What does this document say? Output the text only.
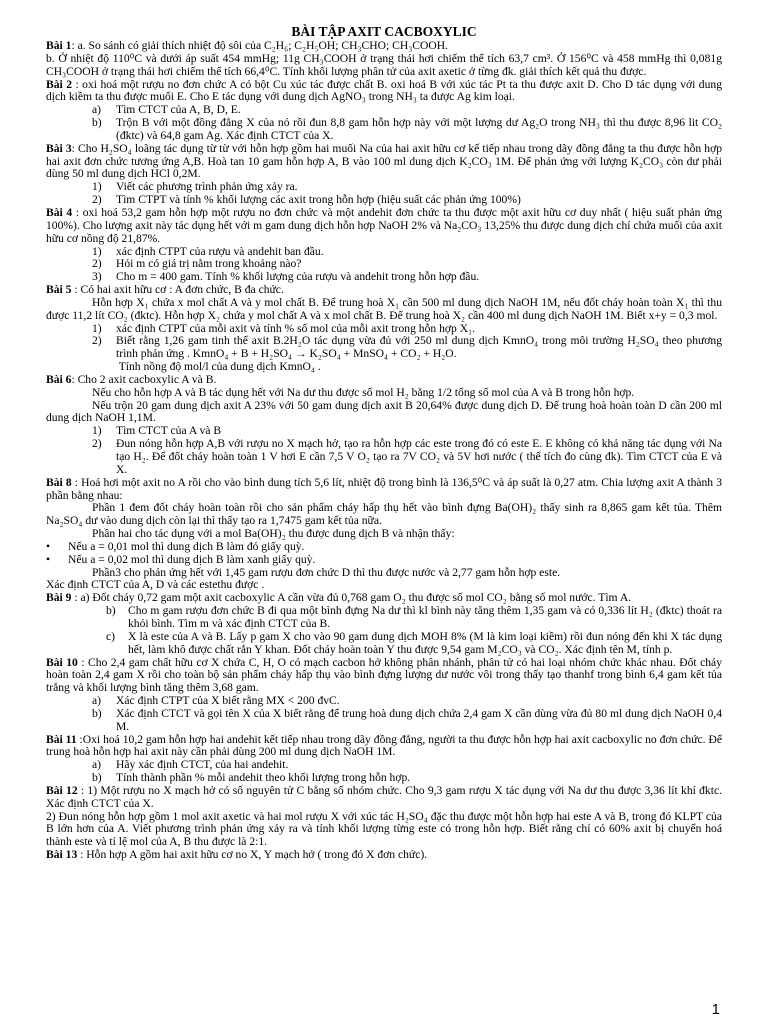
BÀI TẬP AXIT CACBOXYLIC
Bài 1: a. So sánh có giải thích nhiệt độ sôi của C₂H₆; C₂H₅OH; CH₃CHO; CH₃COOH.
b. Ở nhiệt độ 110⁰C và dưới áp suất 454 mmHg; 11g CH₃COOH ở trạng thái hơi chiếm thể tích 63,7 cm³. Ở 156⁰C và 458 mmHg thì 0,081g CH₃COOH ở trạng thái hơi chiếm thể tích 66,4⁰C. Tính khối lượng phân tử của axit axetic ở từng đk. giải thích kết quả thu được.
Bài 2 : oxi hoá một rượu no đơn chức A có bột Cu xúc tác được chất B. oxi hoá B với xúc tác Pt ta thu được axit D. Cho D tác dụng với dung dịch kiềm ta thu được muối E. Cho E tác dụng với dung dịch AgNO₃ trong NH₃ ta được Ag kim loại.
a) Tìm CTCT của A, B, D, E.
b) Trộn B với một đồng đẳng X của nó rồi đun 8,8 gam hỗn hợp này với một lượng dư Ag₂O trong NH₃ thì thu được 8,96 lit CO₂ (đktc) và 64,8 gam Ag. Xác định CTCT của X.
Bài 3: Cho H₂SO₄ loãng tác dụng từ từ với hỗn hợp gồm hai muối Na của hai axit hữu cơ kế tiếp nhau trong dãy đồng đẳng ta thu được hỗn hợp hai axit đơn chức tương ứng A,B. Hoà tan 10 gam hỗn hợp A, B vào 100 ml dung dịch K₂CO₃ 1M. Để phản ứng với lượng K₂CO₃ còn dư phải dùng 50 ml dung dịch HCl 0,2M.
1) Viết các phương trình phản ứng xảy ra.
2) Tìm CTPT và tính % khối lượng các axit trong hỗn hợp (hiệu suất các phản ứng 100%)
Bài 4 : oxi hoá 53,2 gam hỗn hợp một rượu no đơn chức và một andehit đơn chức ta thu được một axit hữu cơ duy nhất ( hiệu suất phản ứng 100%). Cho lượng axit này tác dụng hết với m gam dung dịch hỗn hợp NaOH 2% và Na₂CO₃ 13,25% thu được dung dịch chỉ chứa muối của axit hữu cơ nồng độ 21,87%.
1) xác định CTPT của rượu và andehit ban đầu.
2) Hỏi m có giá trị nằm trong khoảng nào?
3) Cho m = 400 gam. Tính % khối lượng của rượu và andehit trong hỗn hợp đầu.
Bài 5 : Có hai axit hữu cơ : A đơn chức, B đa chức.
Hỗn hợp X₁ chứa x mol chất A và y mol chất B. Để trung hoà X₁ cần 500 ml dung dịch NaOH 1M, nếu đốt cháy hoàn toàn X₁ thì thu được 11,2 lít CO₂ (đktc). Hỗn hợp X₂ chứa y mol chất A và x mol chất B. Để trung hoà X₂ cần 400 ml dung dịch NaOH 1M. Biết x+y = 0,3 mol.
1) xác định CTPT của mỗi axit và tính % số mol của mỗi axit trong hỗn hợp X₁.
2) Biết rằng 1,26 gam tinh thể axit B.2H₂O tác dụng vừa đủ với 250 ml dung dịch KmnO₄ trong môi trường H₂SO₄ theo phương trình phản ứng . KmnO₄ + B + H₂SO₄ → K₂SO₄ + MnSO₄ + CO₂ + H₂O.
Tính nồng độ mol/l của dung dịch KmnO₄ .
Bài 6: Cho 2 axit cacboxylic A và B.
Nếu cho hỗn hợp A và B tác dụng hết với Na dư thu được số mol H₂ bằng 1/2 tổng số mol của A và B trong hỗn hợp.
Nếu trộn 20 gam dung dịch axit A 23% với 50 gam dung dịch axit B 20,64% được dung dịch D. Để trung hoà hoàn toàn D cần 200 ml dung dịch NaOH 1,1M.
1) Tìm CTCT của A và B
2) Đun nóng hỗn hợp A,B với rượu no X mạch hở, tạo ra hỗn hợp các este trong đó có este E. E không có khả năng tác dụng với Na tạo H₂. Để đốt cháy hoàn toàn 1 V hơi E cần 7,5 V O₂ tạo ra 7V CO₂ và 5V hơi nước ( thể tích đo cùng đk). Tìm CTCT của E và X.
Bài 8 : Hoá hơi một axit no A rồi cho vào bình dung tích 5,6 lít, nhiệt độ trong bình là 136,5⁰C và áp suất là 0,27 atm. Chia lượng axit A thành 3 phần bằng nhau:
Phần 1 đem đốt cháy hoàn toàn rồi cho sản phẩm cháy hấp thụ hết vào bình đựng Ba(OH)₂ thấy sinh ra 8,865 gam kết tủa. Thêm Na₂SO₄ dư vào dung dịch còn lại thì thấy tạo ra 1,7475 gam kết tủa nữa.
Phần hai cho tác dụng với a mol Ba(OH)₂ thu được dung dịch B và nhận thấy:
• Nếu a = 0,01 mol thì dung dịch B làm đỏ giấy quỳ.
• Nếu a = 0,02 mol thì dung dịch B làm xanh giấy quỳ.
Phần3 cho phản ứng hết với 1,45 gam rượu đơn chức D thì thu được nước và 2,77 gam hỗn hợp este.
Xác định CTCT của A, D và các estethu được .
Bài 9 : a) Đốt cháy 0,72 gam một axit cacboxylic A cần vừa đủ 0,768 gam O₂ thu được số mol CO₂ bằng số mol nước. Tìm A.
b) Cho m gam rượu đơn chức B đi qua một bình đựng Na dư thì kl bình này tăng thêm 1,35 gam và có 0,336 lít H₂ (đktc) thoát ra khỏi bình. Tìm m và xác định CTCT của B.
c) X là este của A và B. Lấy p gam X cho vào 90 gam dung dịch MOH 8% (M là kim loại kiềm) rồi đun nóng đến khi X tác dụng hết, làm khô được chất rắn Y khan. Đốt cháy hoàn toàn Y thu được 9,54 gam M₂CO₃ và CO₂. Xác định tên M, tính p.
Bài 10 : Cho 2,4 gam chất hữu cơ X chứa C, H, O có mạch cacbon hở không phân nhánh, phân tử có hai loại nhóm chức khác nhau. Đốt cháy hoàn toàn 2,4 gam X rồi cho toàn bộ sản phẩm cháy hấp thụ vào bình đựng lượng dư nước vôi trong thấy tạo thanhf trong bình 6,4 gam kết tủa trắng và khối lượng bình tăng thêm 3,68 gam.
a) Xác định CTPT của X biết rằng MX < 200 đvC.
b) Xác định CTCT và gọi tên X của X biết rằng để trung hoà dung dịch chứa 2,4 gam X cần dùng vừa đủ 80 ml dung dịch NaOH 0,4 M.
Bài 11 :Oxi hoá 10,2 gam hỗn hợp hai andehit kết tiếp nhau trong dãy đồng đẳng, người ta thu được hỗn hợp hai axit cacboxylic no đơn chức. Để trung hoà hỗn hợp hai axit này cần phải dùng 200 ml dung dịch NaOH 1M.
a) Hãy xác định CTCT, của hai andehit.
b) Tính thành phần % mỗi andehit theo khối lượng trong hỗn hợp.
Bài 12 : 1) Một rượu no X mạch hở có số nguyên tử C bằng số nhóm chức. Cho 9,3 gam rượu X tác dụng với Na dư thu được 3,36 lít khí đktc. Xác định CTCT của X.
2) Đun nóng hỗn hợp gồm 1 mol axit axetic và hai mol rượu X với xúc tác H₂SO₄ đặc thu được một hỗn hợp hai este A và B, trong đó KLPT của B lớn hơn của A. Viết phương trình phản ứng xảy ra và tính khối lượng từng este có trong hỗn hợp. Biết rằng chỉ có 60% axit bị chuyển hoá thành este và tỉ lệ mol của A, B thu được là 2:1.
Bài 13 : Hỗn hợp A gồm hai axit hữu cơ no X, Y mạch hở ( trong đó X đơn chức).
1
